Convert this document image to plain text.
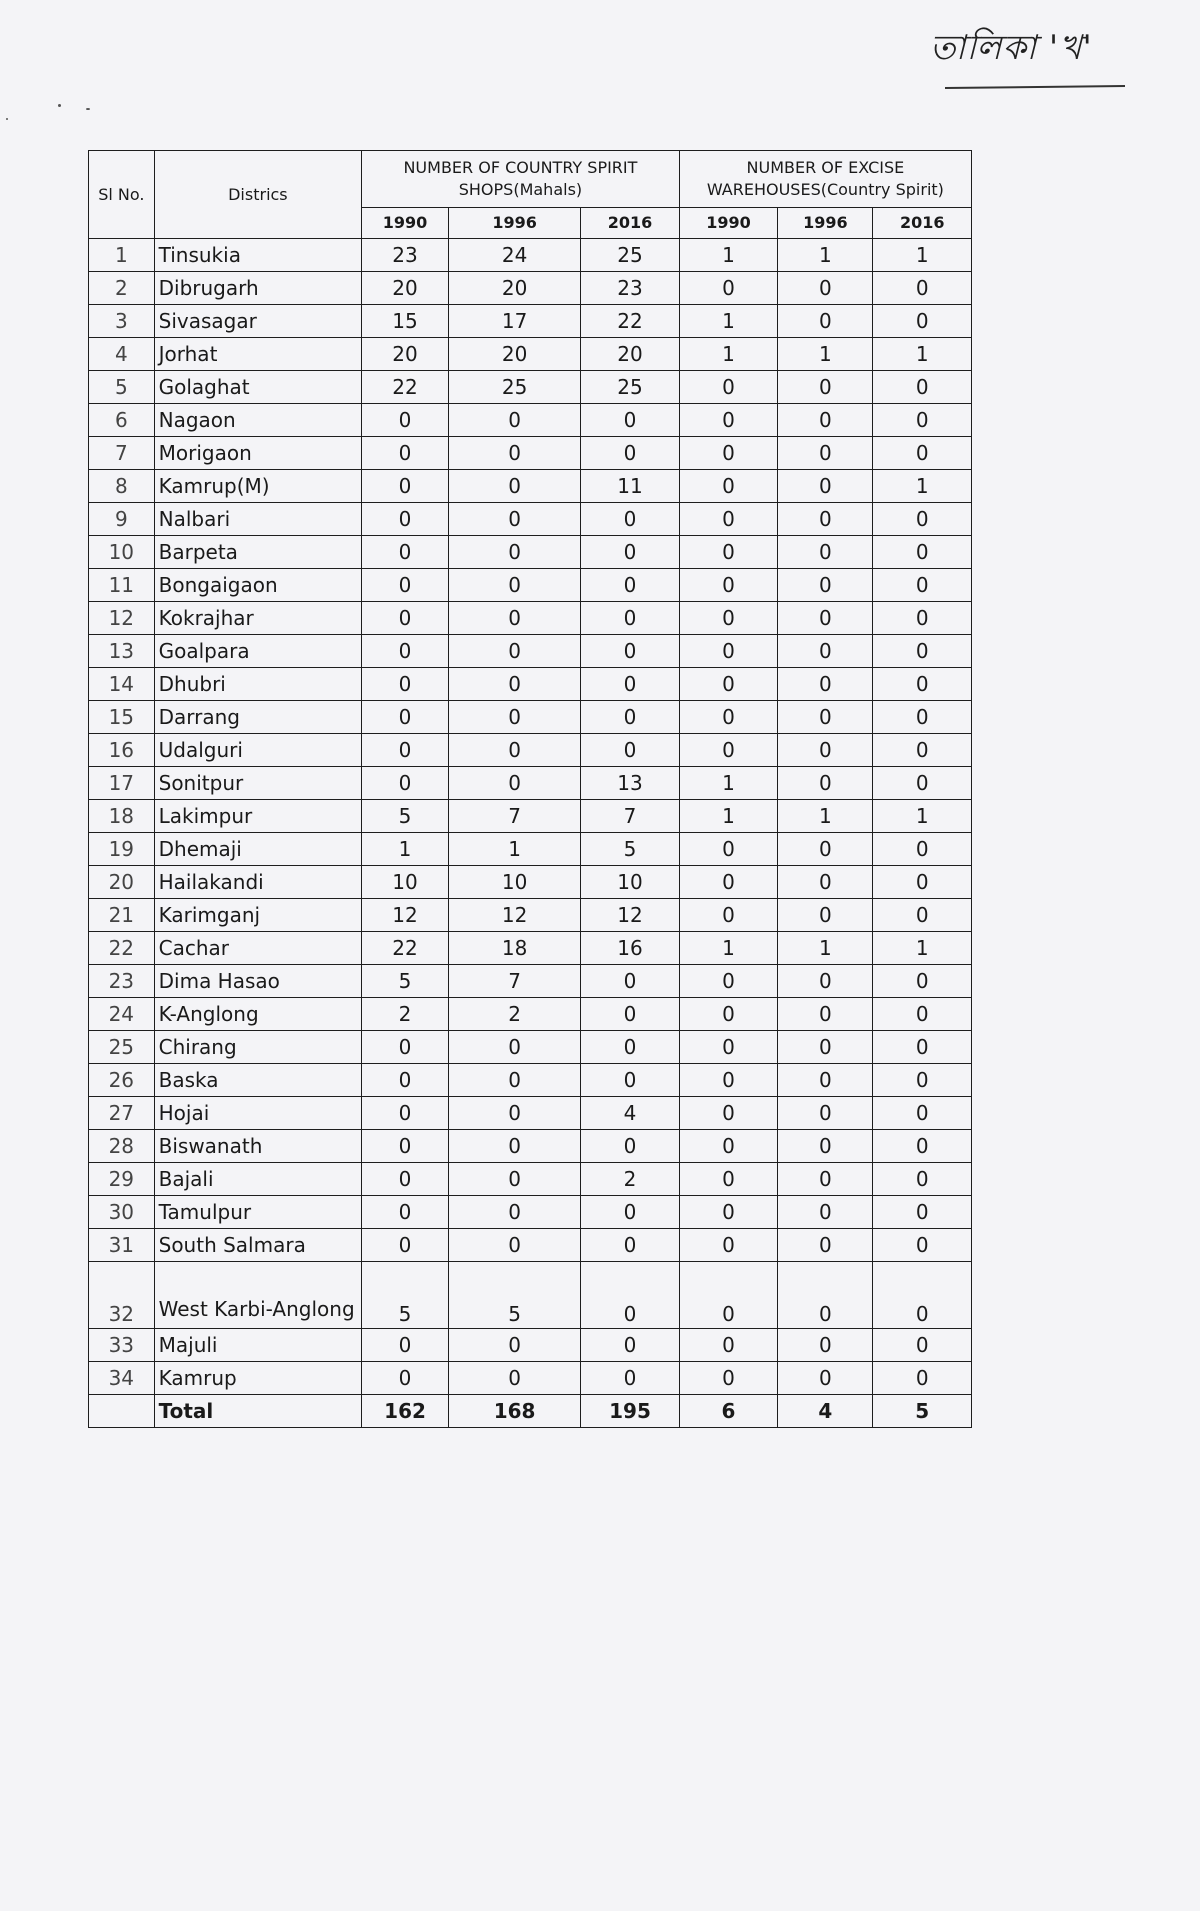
তালিকা 'খ'
Sl No.	Districs	NUMBER OF COUNTRY SPIRIT SHOPS(Mahals)			NUMBER OF EXCISE WAREHOUSES(Country Spirit)		
		1990	1996	2016	1990	1996	2016
1	Tinsukia	23	24	25	1	1	1
2	Dibrugarh	20	20	23	0	0	0
3	Sivasagar	15	17	22	1	0	0
4	Jorhat	20	20	20	1	1	1
5	Golaghat	22	25	25	0	0	0
6	Nagaon	0	0	0	0	0	0
7	Morigaon	0	0	0	0	0	0
8	Kamrup(M)	0	0	11	0	0	1
9	Nalbari	0	0	0	0	0	0
10	Barpeta	0	0	0	0	0	0
11	Bongaigaon	0	0	0	0	0	0
12	Kokrajhar	0	0	0	0	0	0
13	Goalpara	0	0	0	0	0	0
14	Dhubri	0	0	0	0	0	0
15	Darrang	0	0	0	0	0	0
16	Udalguri	0	0	0	0	0	0
17	Sonitpur	0	0	13	1	0	0
18	Lakimpur	5	7	7	1	1	1
19	Dhemaji	1	1	5	0	0	0
20	Hailakandi	10	10	10	0	0	0
21	Karimganj	12	12	12	0	0	0
22	Cachar	22	18	16	1	1	1
23	Dima Hasao	5	7	0	0	0	0
24	K-Anglong	2	2	0	0	0	0
25	Chirang	0	0	0	0	0	0
26	Baska	0	0	0	0	0	0
27	Hojai	0	0	4	0	0	0
28	Biswanath	0	0	0	0	0	0
29	Bajali	0	0	2	0	0	0
30	Tamulpur	0	0	0	0	0	0
31	South Salmara	0	0	0	0	0	0
32	West Karbi-Anglong	5	5	0	0	0	0
33	Majuli	0	0	0	0	0	0
34	Kamrup	0	0	0	0	0	0
	Total	162	168	195	6	4	5
